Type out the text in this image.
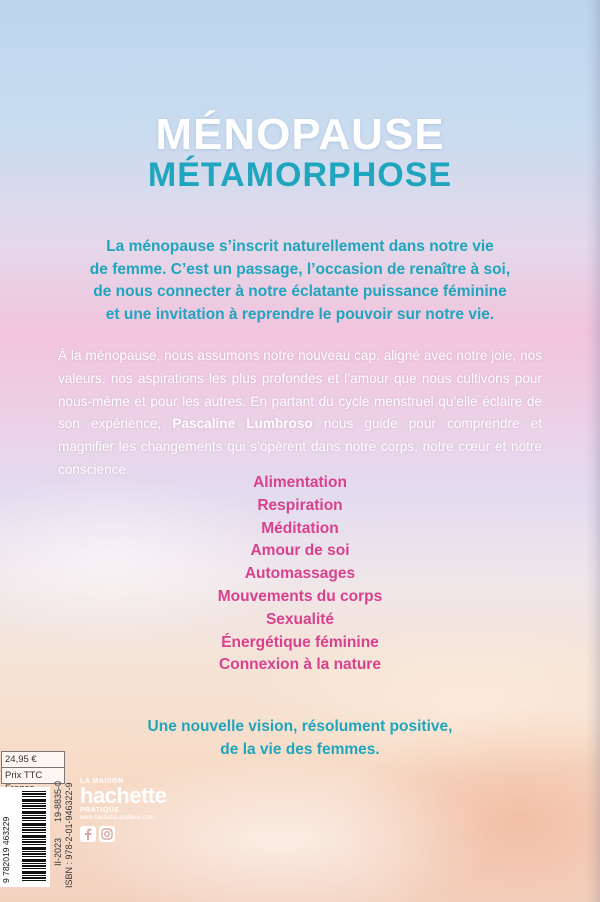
MÉNOPAUSE
MÉTAMORPHOSE
La ménopause s’inscrit naturellement dans notre vie
de femme. C’est un passage, l’occasion de renaître à soi,
de nous connecter à notre éclatante puissance féminine
et une invitation à reprendre le pouvoir sur notre vie.
À la ménopause, nous assumons notre nouveau cap, aligné avec notre joie, nos valeurs, nos aspirations les plus profondes et l’amour que nous cultivons pour nous-même et pour les autres. En partant du cycle menstruel qu’elle éclaire de son expérience, Pascaline Lumbroso nous guide pour comprendre et magnifier les changements qui s’opèrent dans notre corps, notre cœur et notre conscience.
Alimentation
Respiration
Méditation
Amour de soi
Automassages
Mouvements du corps
Sexualité
Énergétique féminine
Connexion à la nature
Une nouvelle vision, résolument positive,
de la vie des femmes.
24,95 €
Prix TTC
9 782019 463229
19-8835-0 ISBN : 978-2-01-946322-9
II-2023
LA MAISON
hachette
PRATIQUE
www.hachette-pratique.com
